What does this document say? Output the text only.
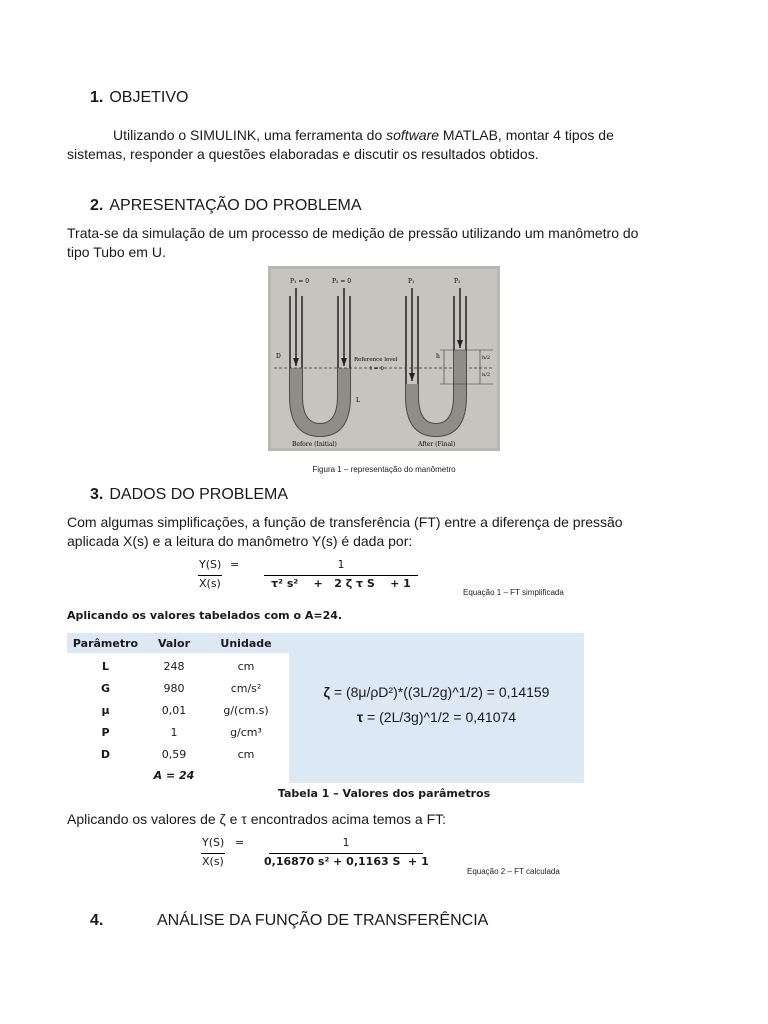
1. OBJETIVO
Utilizando o SIMULINK, uma ferramenta do software MATLAB, montar 4 tipos de
sistemas, responder a questões elaboradas e discutir os resultados obtidos.
2. APRESENTAÇÃO DO PROBLEMA
Trata-se da simulação de um processo de medição de pressão utilizando um manômetro do
tipo Tubo em U.
P₁ = 0	P₂ = 0	P₁	P₂
D	Reference level
t = 0
L
h	h/2
h/2
Before (Initial)	After (Final)
Figura 1 – representação do manômetro
3. DADOS DO PROBLEMA
Com algumas simplificações, a função de transferência (FT) entre a diferença de pressão
aplicada X(s) e a leitura do manômetro Y(s) é dada por:
Y(S)
X(s)
=	1
τ² s²    +   2 ζ τ S    + 1
Equação 1 – FT simplificada
Aplicando os valores tabelados com o A=24.
Parâmetro	Valor	Unidade
L	248	cm
G	980	cm/s²
μ	0,01	g/(cm.s)
P	1	g/cm³
D	0,59	cm
A = 24
ζ = (8μ/ρD²)*((3L/2g)^1/2) = 0,14159
τ = (2L/3g)^1/2 = 0,41074
Tabela 1 – Valores dos parâmetros
Aplicando os valores de ζ e τ encontrados acima temos a FT:
Y(S)
X(s)
=	1
0,16870 s² + 0,1163 S  + 1
Equação 2 – FT calculada
4.	ANÁLISE DA FUNÇÃO DE TRANSFERÊNCIA
